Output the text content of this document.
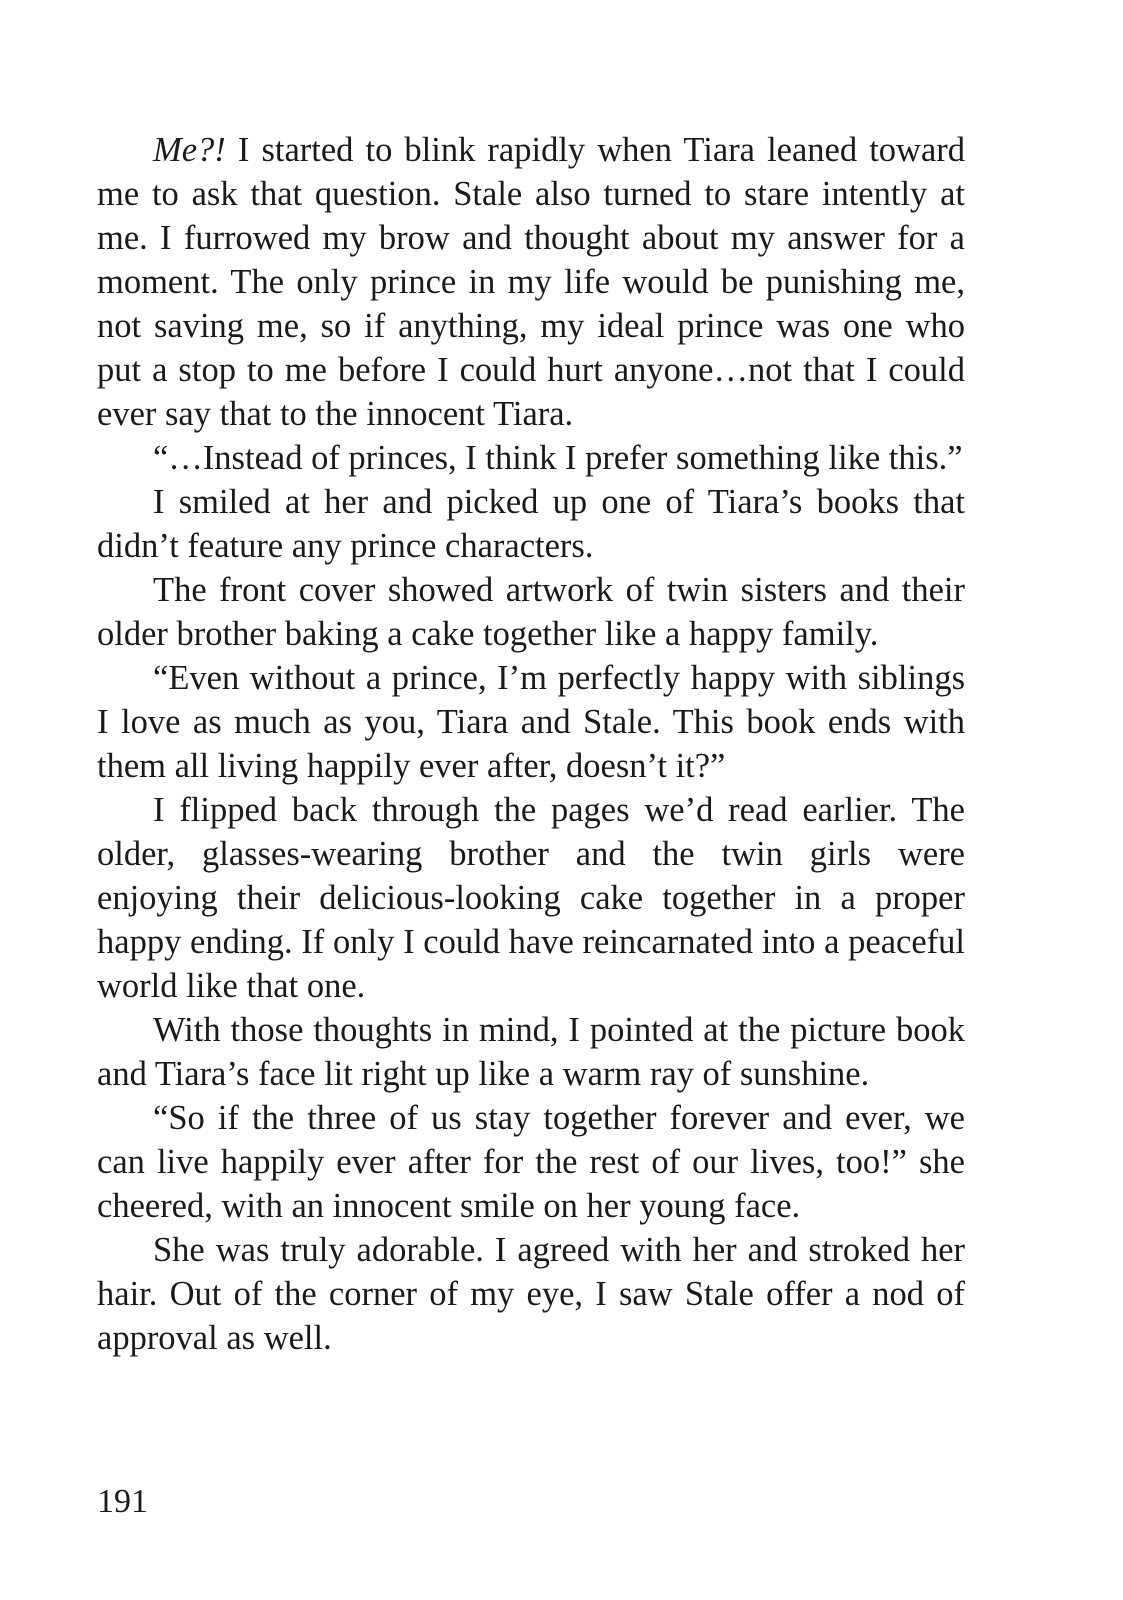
Me?! I started to blink rapidly when Tiara leaned toward me to ask that question. Stale also turned to stare intently at me. I furrowed my brow and thought about my answer for a moment. The only prince in my life would be punishing me, not saving me, so if anything, my ideal prince was one who put a stop to me before I could hurt anyone…not that I could ever say that to the innocent Tiara.

“…Instead of princes, I think I prefer something like this.”

I smiled at her and picked up one of Tiara’s books that didn’t feature any prince characters.

The front cover showed artwork of twin sisters and their older brother baking a cake together like a happy family.

“Even without a prince, I’m perfectly happy with siblings I love as much as you, Tiara and Stale. This book ends with them all living happily ever after, doesn’t it?”

I flipped back through the pages we’d read earlier. The older, glasses-wearing brother and the twin girls were enjoying their delicious-looking cake together in a proper happy ending. If only I could have reincarnated into a peaceful world like that one.

With those thoughts in mind, I pointed at the picture book and Tiara’s face lit right up like a warm ray of sunshine.

“So if the three of us stay together forever and ever, we can live happily ever after for the rest of our lives, too!” she cheered, with an innocent smile on her young face.

She was truly adorable. I agreed with her and stroked her hair. Out of the corner of my eye, I saw Stale offer a nod of approval as well.

191
